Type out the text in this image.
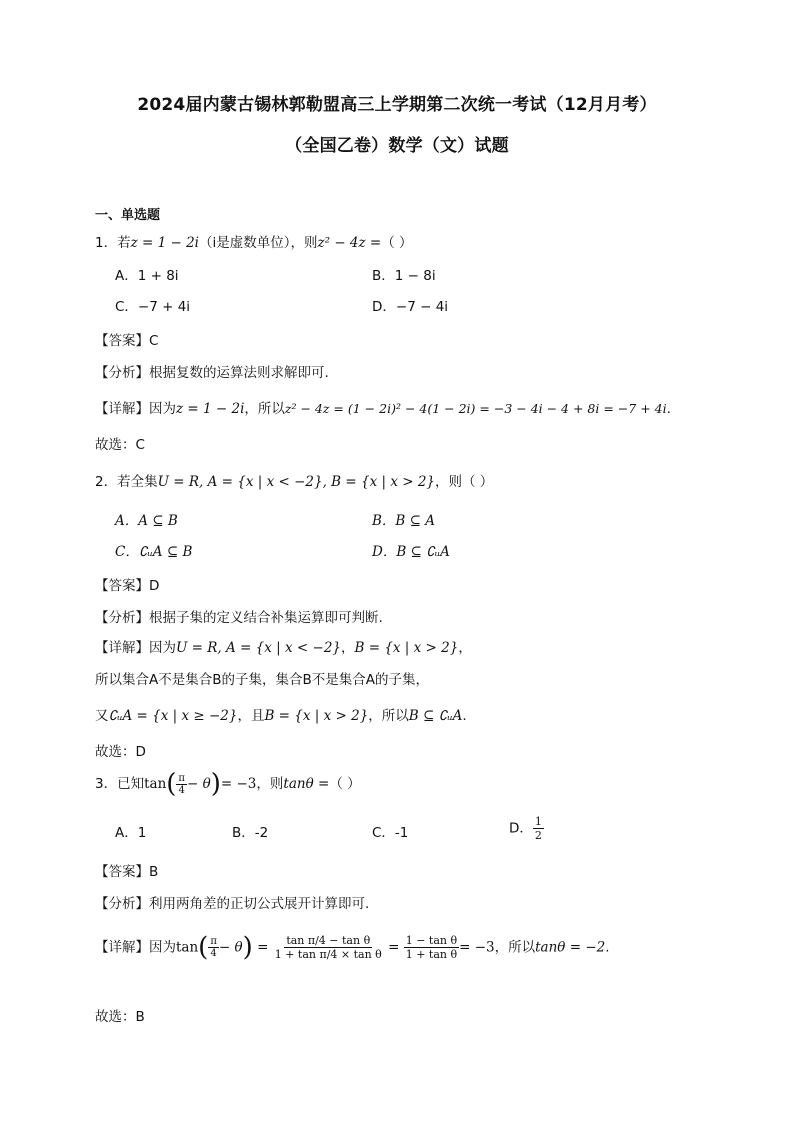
2024届内蒙古锡林郭勒盟高三上学期第二次统一考试（12月月考）
（全国乙卷）数学（文）试题
一、单选题
1．若z = 1 − 2i（i是虚数单位），则z² − 4z =（ ）
A．1 + 8i	B．1 − 8i
C．−7 + 4i	D．−7 − 4i
【答案】C
【分析】根据复数的运算法则求解即可.
【详解】因为z = 1 − 2i，所以z² − 4z = (1 − 2i)² − 4(1 − 2i) = −3 − 4i − 4 + 8i = −7 + 4i.
故选：C
2．若全集U = R, A = {x | x < −2}, B = {x | x > 2}，则（ ）
A．A ⊆ B	B．B ⊆ A
C．∁ᵤA ⊆ B	D．B ⊆ ∁ᵤA
【答案】D
【分析】根据子集的定义结合补集运算即可判断.
【详解】因为U = R, A = {x | x < −2}，B = {x | x > 2}，
所以集合A不是集合B的子集，集合B不是集合A的子集，
又∁ᵤA = {x | x ≥ −2}，且B = {x | x > 2}，所以B ⊆ ∁ᵤA.
故选：D
3．已知$\tan( \frac{\pi}{4} - \theta)= -3$，则tanθ =（ ）
A．1	B．-2	C．-1	D． $\frac{1}{2}$
【答案】B
【分析】利用两角差的正切公式展开计算即可.
【详解】因为$\tan( \frac{\pi}{4} - \theta) = \frac{\text{tan π/4 − tan θ}}{\text{1 + tan π/4 × tan θ}} = \frac{\text{1 − tan θ}}{\text{1 + tan θ}} = -3$，所以tanθ = −2.
故选：B
